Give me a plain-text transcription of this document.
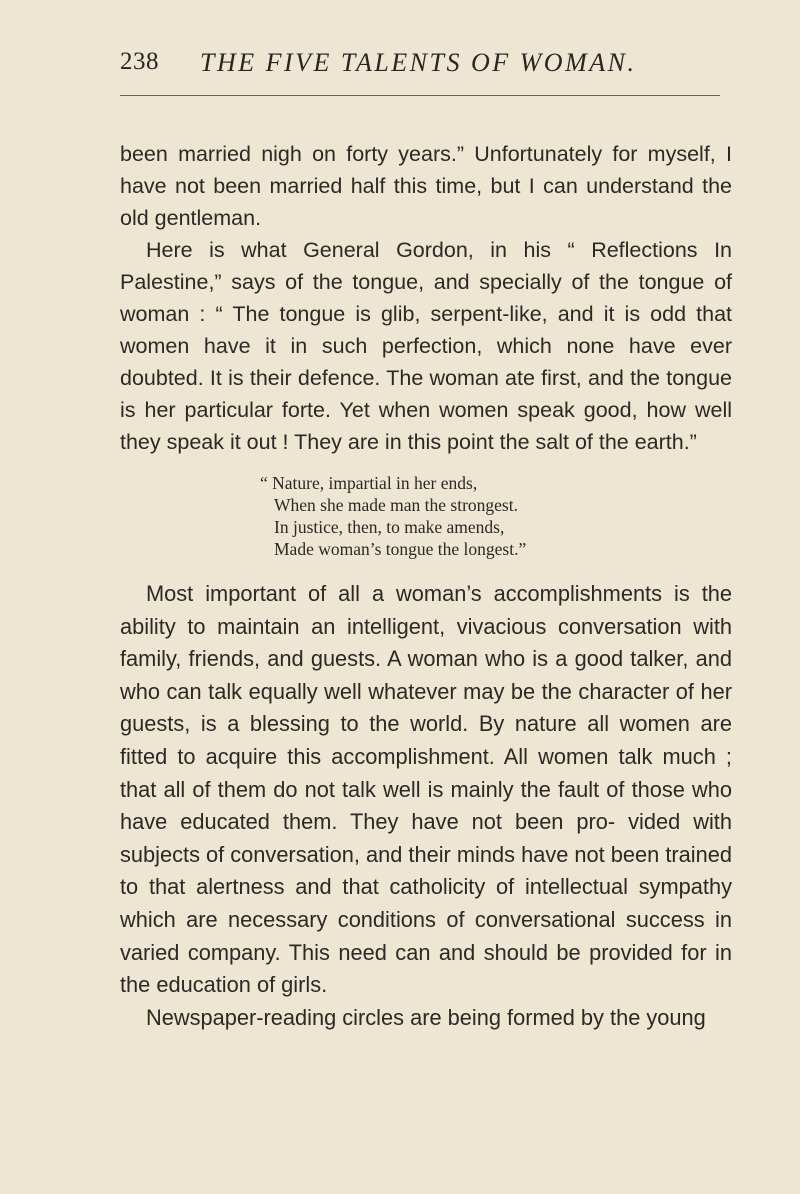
238 THE FIVE TALENTS OF WOMAN.

been married nigh on forty years.” Unfortunately for myself, I have not been married half this time, but I can understand the old gentleman.

Here is what General Gordon, in his “ Reflections In Palestine,” says of the tongue, and specially of the tongue of woman : “ The tongue is glib, serpent-like, and it is odd that women have it in such perfection, which none have ever doubted. It is their defence. The woman ate first, and the tongue is her particular forte. Yet when women speak good, how well they speak it out ! They are in this point the salt of the earth.”

“ Nature, impartial in her ends,
When she made man the strongest.
In justice, then, to make amends,
Made woman’s tongue the longest.”

Most important of all a woman’s accomplishments is the ability to maintain an intelligent, vivacious conversation with family, friends, and guests. A woman who is a good talker, and who can talk equally well whatever may be the character of her guests, is a blessing to the world. By nature all women are fitted to acquire this accomplishment. All women talk much ; that all of them do not talk well is mainly the fault of those who have educated them. They have not been pro- vided with subjects of conversation, and their minds have not been trained to that alertness and that catholicity of intellectual sympathy which are necessary conditions of conversational success in varied company. This need can and should be provided for in the education of girls.

Newspaper-reading circles are being formed by the young
